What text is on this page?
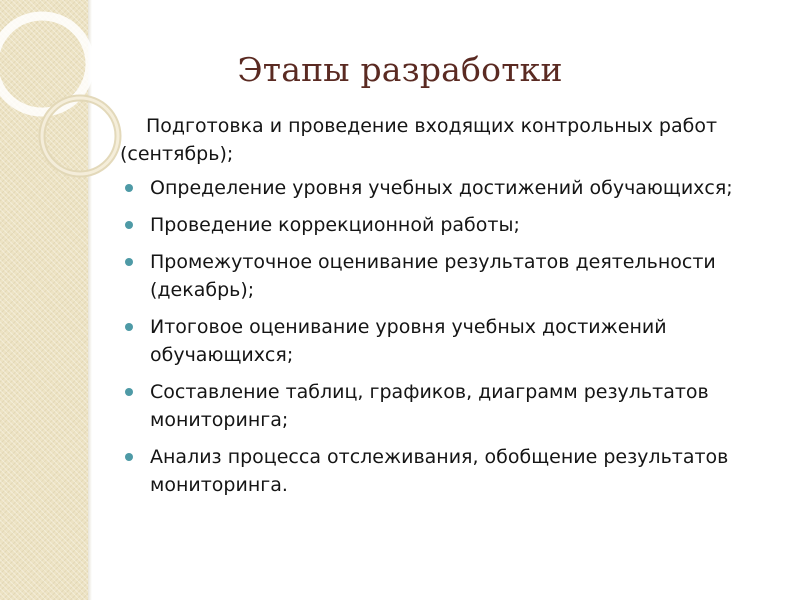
Этапы разработки
Подготовка и проведение входящих контрольных работ (сентябрь);
Определение уровня учебных достижений обучающихся;
Проведение коррекционной работы;
Промежуточное оценивание результатов деятельности (декабрь);
Итоговое оценивание уровня учебных достижений обучающихся;
Составление таблиц, графиков, диаграмм результатов мониторинга;
Анализ процесса отслеживания, обобщение результатов мониторинга.
